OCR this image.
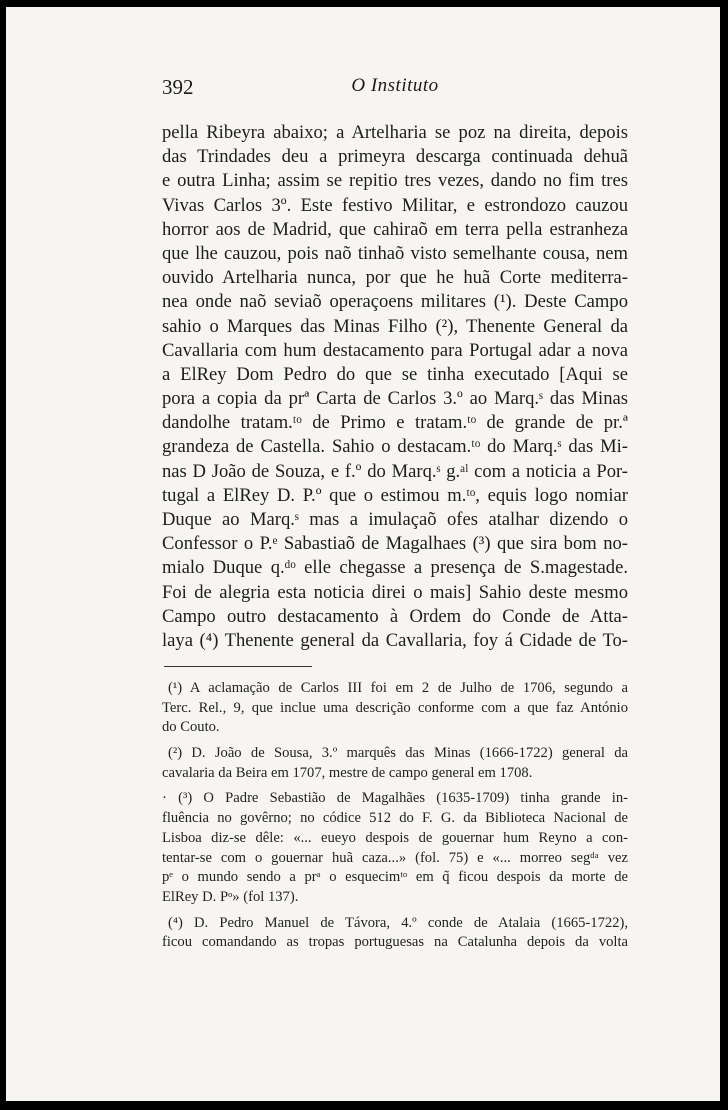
392	O Instituto
pella Ribeyra abaixo; a Artelharia se poz na direita, depois
das Trindades deu a primeyra descarga continuada dehuã
e outra Linha; assim se repitio tres vezes, dando no fim tres
Vivas Carlos 3º. Este festivo Militar, e estrondozo cauzou
horror aos de Madrid, que cahiraõ em terra pella estranheza
que lhe cauzou, pois naõ tinhaõ visto semelhante cousa, nem
ouvido Artelharia nunca, por que he huã Corte mediterra-
nea onde naõ seviaõ operaçoens militares (¹). Deste Campo
sahio o Marques das Minas Filho (²), Thenente General da
Cavallaria com hum destacamento para Portugal adar a nova
a ElRey Dom Pedro do que se tinha executado [Aqui se
pora a copia da prª Carta de Carlos 3.º ao Marq.ˢ das Minas
dandolhe tratam.ᵗᵒ de Primo e tratam.ᵗᵒ de grande de pr.ª
grandeza de Castella. Sahio o destacam.ᵗᵒ do Marq.ˢ das Mi-
nas D João de Souza, e f.º do Marq.ˢ g.ᵃˡ com a noticia a Por-
tugal a ElRey D. P.º que o estimou m.ᵗᵒ, equis logo nomiar
Duque ao Marq.ˢ mas a imulaçaõ ofes atalhar dizendo o
Confessor o P.ᵉ Sabastiaõ de Magalhaes (³) que sira bom no-
mialo Duque q.ᵈᵒ elle chegasse a presença de S.magestade.
Foi de alegria esta noticia direi o mais] Sahio deste mesmo
Campo outro destacamento à Ordem do Conde de Atta-
laya (⁴) Thenente general da Cavallaria, foy á Cidade de To-
(¹) A aclamação de Carlos III foi em 2 de Julho de 1706, segundo a
Terc. Rel., 9, que inclue uma descrição conforme com a que faz António
do Couto.
(²) D. João de Sousa, 3.º marquês das Minas (1666-1722) general da
cavalaria da Beira em 1707, mestre de campo general em 1708.
· (³) O Padre Sebastião de Magalhães (1635-1709) tinha grande in-
fluência no govêrno; no códice 512 do F. G. da Biblioteca Nacional de
Lisboa diz-se dêle: «... eueyo despois de gouernar hum Reyno a con-
tentar-se com o gouernar huã caza...» (fol. 75) e «... morreo segᵈᵃ vez
pᵉ o mundo sendo a prᵃ o esquecimᵗᵒ em q̃ ficou despois da morte de
ElRey D. Pᵒ» (fol 137).
(⁴) D. Pedro Manuel de Távora, 4.º conde de Atalaia (1665-1722),
ficou comandando as tropas portuguesas na Catalunha depois da volta
